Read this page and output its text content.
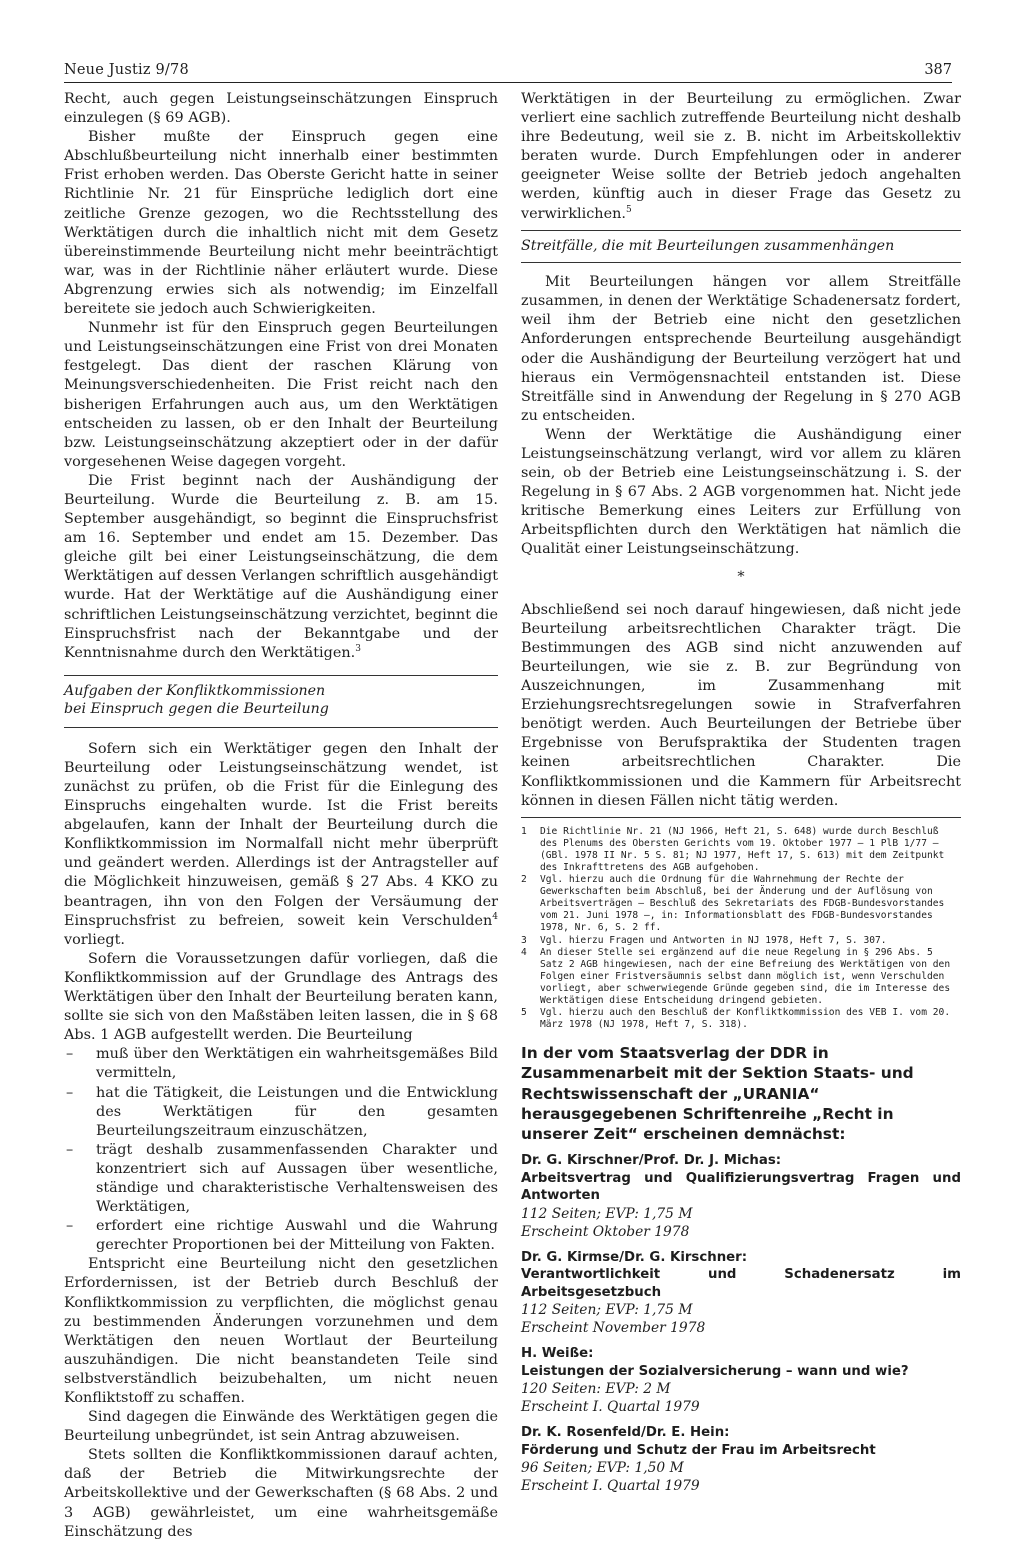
Neue Justiz 9/78	387

Recht, auch gegen Leistungseinschätzungen Einspruch einzulegen (§ 69 AGB).

Bisher mußte der Einspruch gegen eine Abschlußbeurteilung nicht innerhalb einer bestimmten Frist erhoben werden. Das Oberste Gericht hatte in seiner Richtlinie Nr. 21 für Einsprüche lediglich dort eine zeitliche Grenze gezogen, wo die Rechtsstellung des Werktätigen durch die inhaltlich nicht mit dem Gesetz übereinstimmende Beurteilung nicht mehr beeinträchtigt war, was in der Richtlinie näher erläutert wurde. Diese Abgrenzung erwies sich als notwendig; im Einzelfall bereitete sie jedoch auch Schwierigkeiten.

Nunmehr ist für den Einspruch gegen Beurteilungen und Leistungseinschätzungen eine Frist von drei Monaten festgelegt. Das dient der raschen Klärung von Meinungsverschiedenheiten. Die Frist reicht nach den bisherigen Erfahrungen auch aus, um den Werktätigen entscheiden zu lassen, ob er den Inhalt der Beurteilung bzw. Leistungseinschätzung akzeptiert oder in der dafür vorgesehenen Weise dagegen vorgeht.

Die Frist beginnt nach der Aushändigung der Beurteilung. Wurde die Beurteilung z. B. am 15. September ausgehändigt, so beginnt die Einspruchsfrist am 16. September und endet am 15. Dezember. Das gleiche gilt bei einer Leistungseinschätzung, die dem Werktätigen auf dessen Verlangen schriftlich ausgehändigt wurde. Hat der Werktätige auf die Aushändigung einer schriftlichen Leistungseinschätzung verzichtet, beginnt die Einspruchsfrist nach der Bekanntgabe und der Kenntnisnahme durch den Werktätigen.$^3$

Aufgaben der Konfliktkommissionen
bei Einspruch gegen die Beurteilung

Sofern sich ein Werktätiger gegen den Inhalt der Beurteilung oder Leistungseinschätzung wendet, ist zunächst zu prüfen, ob die Frist für die Einlegung des Einspruchs eingehalten wurde. Ist die Frist bereits abgelaufen, kann der Inhalt der Beurteilung durch die Konfliktkommission im Normalfall nicht mehr überprüft und geändert werden. Allerdings ist der Antragsteller auf die Möglichkeit hinzuweisen, gemäß § 27 Abs. 4 KKO zu beantragen, ihn von den Folgen der Versäumung der Einspruchsfrist zu befreien, soweit kein Verschulden$^4$ vorliegt.

Sofern die Voraussetzungen dafür vorliegen, daß die Konfliktkommission auf der Grundlage des Antrags des Werktätigen über den Inhalt der Beurteilung beraten kann, sollte sie sich von den Maßstäben leiten lassen, die in § 68 Abs. 1 AGB aufgestellt werden. Die Beurteilung

– muß über den Werktätigen ein wahrheitsgemäßes Bild vermitteln,
– hat die Tätigkeit, die Leistungen und die Entwicklung des Werktätigen für den gesamten Beurteilungszeitraum einzuschätzen,
– trägt deshalb zusammenfassenden Charakter und konzentriert sich auf Aussagen über wesentliche, ständige und charakteristische Verhaltensweisen des Werktätigen,
– erfordert eine richtige Auswahl und die Wahrung gerechter Proportionen bei der Mitteilung von Fakten.

Entspricht eine Beurteilung nicht den gesetzlichen Erfordernissen, ist der Betrieb durch Beschluß der Konfliktkommission zu verpflichten, die möglichst genau zu bestimmenden Änderungen vorzunehmen und dem Werktätigen den neuen Wortlaut der Beurteilung auszuhändigen. Die nicht beanstandeten Teile sind selbstverständlich beizubehalten, um nicht neuen Konfliktstoff zu schaffen.

Sind dagegen die Einwände des Werktätigen gegen die Beurteilung unbegründet, ist sein Antrag abzuweisen.

Stets sollten die Konfliktkommissionen darauf achten, daß der Betrieb die Mitwirkungsrechte der Arbeitskollektive und der Gewerkschaften (§ 68 Abs. 2 und 3 AGB) gewährleistet, um eine wahrheitsgemäße Einschätzung des

Werktätigen in der Beurteilung zu ermöglichen. Zwar verliert eine sachlich zutreffende Beurteilung nicht deshalb ihre Bedeutung, weil sie z. B. nicht im Arbeitskollektiv beraten wurde. Durch Empfehlungen oder in anderer geeigneter Weise sollte der Betrieb jedoch angehalten werden, künftig auch in dieser Frage das Gesetz zu verwirklichen.$^5$

Streitfälle, die mit Beurteilungen zusammenhängen

Mit Beurteilungen hängen vor allem Streitfälle zusammen, in denen der Werktätige Schadenersatz fordert, weil ihm der Betrieb eine nicht den gesetzlichen Anforderungen entsprechende Beurteilung ausgehändigt oder die Aushändigung der Beurteilung verzögert hat und hieraus ein Vermögensnachteil entstanden ist. Diese Streitfälle sind in Anwendung der Regelung in § 270 AGB zu entscheiden.

Wenn der Werktätige die Aushändigung einer Leistungseinschätzung verlangt, wird vor allem zu klären sein, ob der Betrieb eine Leistungseinschätzung i. S. der Regelung in § 67 Abs. 2 AGB vorgenommen hat. Nicht jede kritische Bemerkung eines Leiters zur Erfüllung von Arbeitspflichten durch den Werktätigen hat nämlich die Qualität einer Leistungseinschätzung.

*

Abschließend sei noch darauf hingewiesen, daß nicht jede Beurteilung arbeitsrechtlichen Charakter trägt. Die Bestimmungen des AGB sind nicht anzuwenden auf Beurteilungen, wie sie z. B. zur Begründung von Auszeichnungen, im Zusammenhang mit Erziehungsrechtsregelungen sowie in Strafverfahren benötigt werden. Auch Beurteilungen der Betriebe über Ergebnisse von Berufspraktika der Studenten tragen keinen arbeitsrechtlichen Charakter. Die Konfliktkommissionen und die Kammern für Arbeitsrecht können in diesen Fällen nicht tätig werden.

1 Die Richtlinie Nr. 21 (NJ 1966, Heft 21, S. 648) wurde durch Beschluß des Plenums des Obersten Gerichts vom 19. Oktober 1977 – 1 PlB 1/77 – (GBl. 1978 II Nr. 5 S. 81; NJ 1977, Heft 17, S. 613) mit dem Zeitpunkt des Inkrafttretens des AGB aufgehoben.
2 Vgl. hierzu auch die Ordnung für die Wahrnehmung der Rechte der Gewerkschaften beim Abschluß, bei der Änderung und der Auflösung von Arbeitsverträgen – Beschluß des Sekretariats des FDGB-Bundesvorstandes vom 21. Juni 1978 –, in: Informationsblatt des FDGB-Bundesvorstandes 1978, Nr. 6, S. 2 ff.
3 Vgl. hierzu Fragen und Antworten in NJ 1978, Heft 7, S. 307.
4 An dieser Stelle sei ergänzend auf die neue Regelung in § 296 Abs. 5 Satz 2 AGB hingewiesen, nach der eine Befreiung des Werktätigen von den Folgen einer Fristversäumnis selbst dann möglich ist, wenn Verschulden vorliegt, aber schwerwiegende Gründe gegeben sind, die im Interesse des Werktätigen diese Entscheidung dringend gebieten.
5 Vgl. hierzu auch den Beschluß der Konfliktkommission des VEB I. vom 20. März 1978 (NJ 1978, Heft 7, S. 318).
In der vom Staatsverlag der DDR in Zusammenarbeit mit der Sektion Staats- und Rechtswissenschaft der „URANIA“ herausgegebenen Schriftenreihe „Recht in unserer Zeit“ erscheinen demnächst:
Dr. G. Kirschner/Prof. Dr. J. Michas:
Arbeitsvertrag und Qualifizierungsvertrag Fragen und Antworten
112 Seiten; EVP: 1,75 M
Erscheint Oktober 1978
Dr. G. Kirmse/Dr. G. Kirschner:
Verantwortlichkeit und Schadenersatz im Arbeitsgesetzbuch
112 Seiten; EVP: 1,75 M
Erscheint November 1978
H. Weiße:
Leistungen der Sozialversicherung – wann und wie?
120 Seiten: EVP: 2 M
Erscheint I. Quartal 1979
Dr. K. Rosenfeld/Dr. E. Hein:
Förderung und Schutz der Frau im Arbeitsrecht
96 Seiten; EVP: 1,50 M
Erscheint I. Quartal 1979
